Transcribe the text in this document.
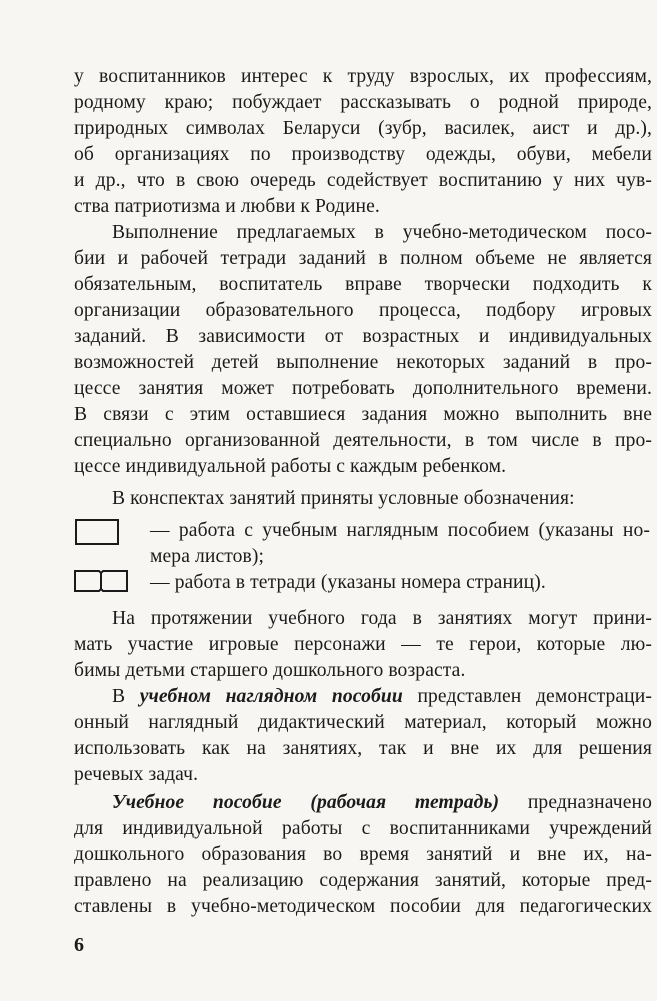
у воспитанников интерес к труду взрослых, их профессиям,
родному краю; побуждает рассказывать о родной природе,
природных символах Беларуси (зубр, василек, аист и др.),
об организациях по производству одежды, обуви, мебели
и др., что в свою очередь содействует воспитанию у них чув-
ства патриотизма и любви к Родине.
Выполнение предлагаемых в учебно-методическом посо-
бии и рабочей тетради заданий в полном объеме не является
обязательным, воспитатель вправе творчески подходить к
организации образовательного процесса, подбору игровых
заданий. В зависимости от возрастных и индивидуальных
возможностей детей выполнение некоторых заданий в про-
цессе занятия может потребовать дополнительного времени.
В связи с этим оставшиеся задания можно выполнить вне
специально организованной деятельности, в том числе в про-
цессе индивидуальной работы с каждым ребенком.
В конспектах занятий приняты условные обозначения:
— работа с учебным наглядным пособием (указаны но-
мера листов);
— работа в тетради (указаны номера страниц).
На протяжении учебного года в занятиях могут прини-
мать участие игровые персонажи — те герои, которые лю-
бимы детьми старшего дошкольного возраста.
В учебном наглядном пособии представлен демонстраци-
онный наглядный дидактический материал, который можно
использовать как на занятиях, так и вне их для решения
речевых задач.
Учебное пособие (рабочая тетрадь) предназначено
для индивидуальной работы с воспитанниками учреждений
дошкольного образования во время занятий и вне их, на-
правлено на реализацию содержания занятий, которые пред-
ставлены в учебно-методическом пособии для педагогических
6
